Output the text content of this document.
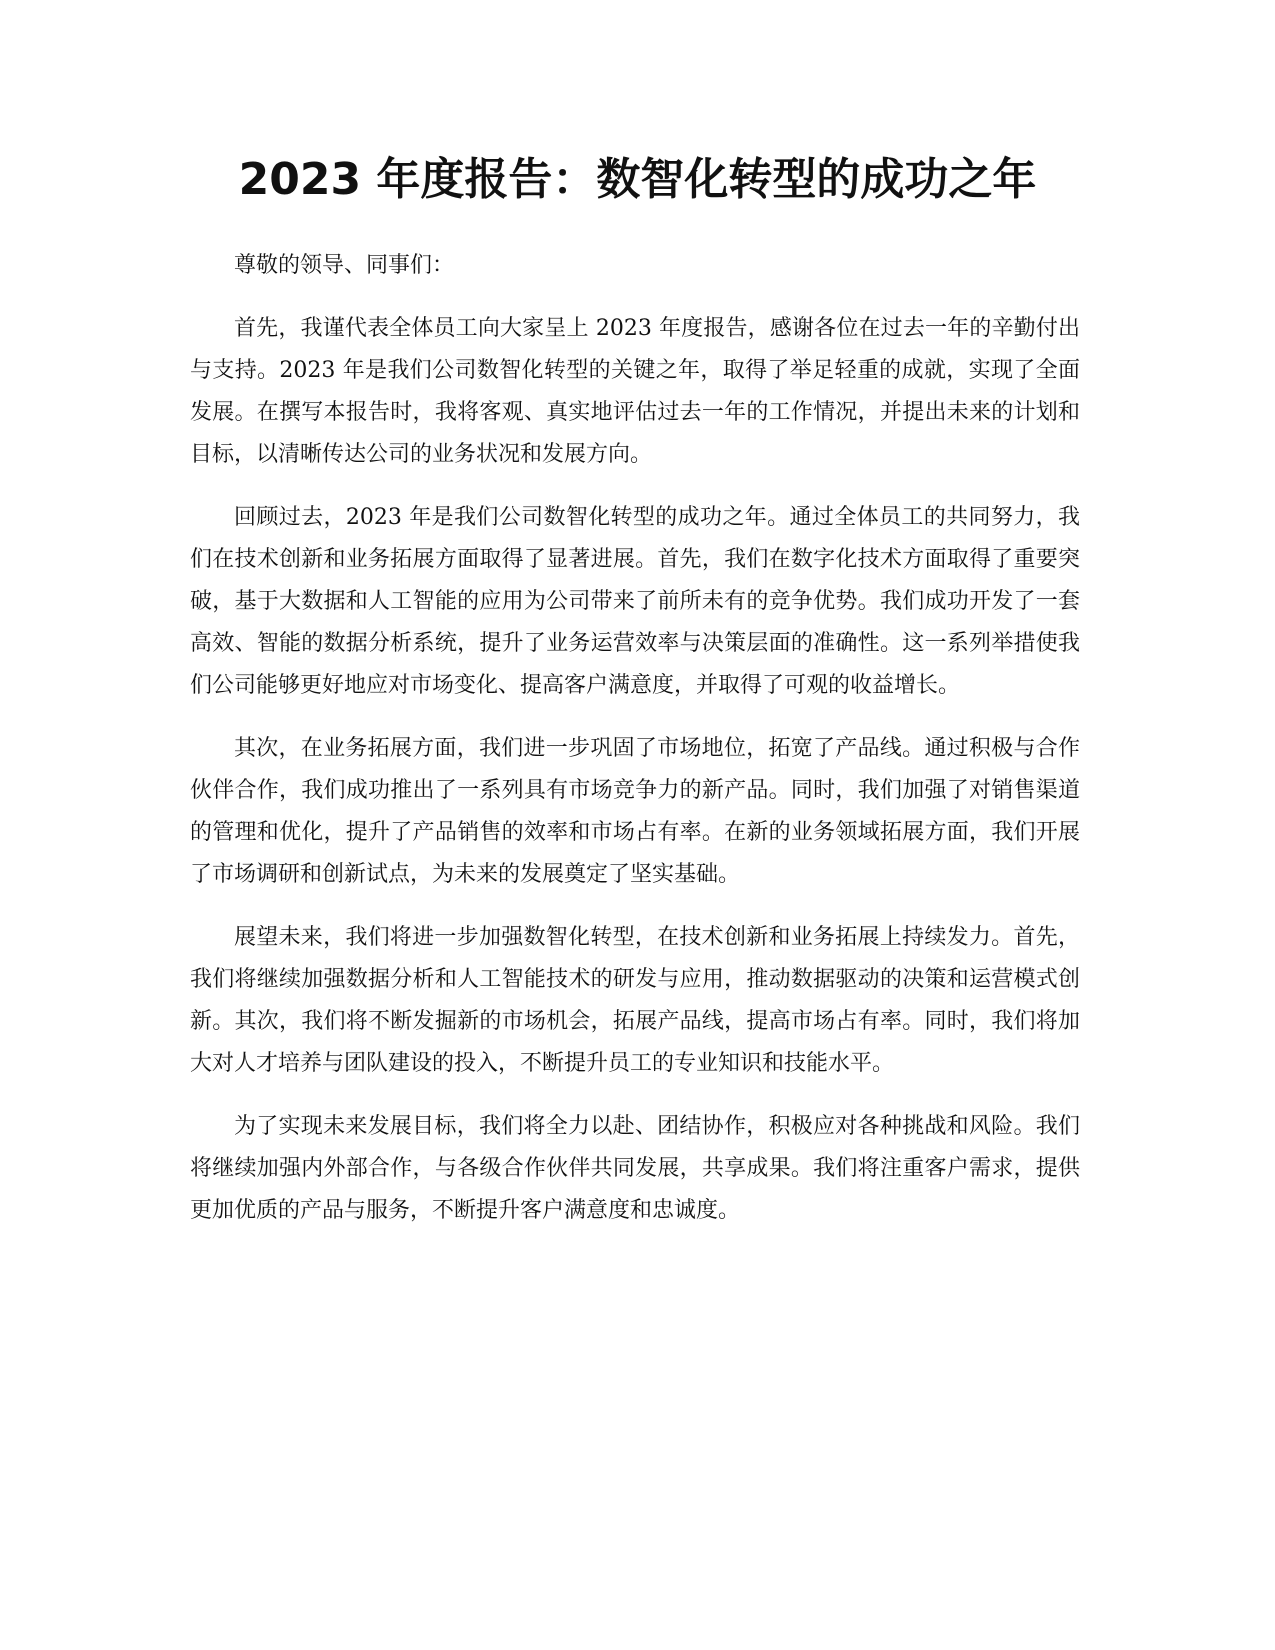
2023 年度报告：数智化转型的成功之年

尊敬的领导、同事们：

首先，我谨代表全体员工向大家呈上 2023 年度报告，感谢各位在过去一年的辛勤付出与支持。2023 年是我们公司数智化转型的关键之年，取得了举足轻重的成就，实现了全面发展。在撰写本报告时，我将客观、真实地评估过去一年的工作情况，并提出未来的计划和目标，以清晰传达公司的业务状况和发展方向。

回顾过去，2023 年是我们公司数智化转型的成功之年。通过全体员工的共同努力，我们在技术创新和业务拓展方面取得了显著进展。首先，我们在数字化技术方面取得了重要突破，基于大数据和人工智能的应用为公司带来了前所未有的竞争优势。我们成功开发了一套高效、智能的数据分析系统，提升了业务运营效率与决策层面的准确性。这一系列举措使我们公司能够更好地应对市场变化、提高客户满意度，并取得了可观的收益增长。

其次，在业务拓展方面，我们进一步巩固了市场地位，拓宽了产品线。通过积极与合作伙伴合作，我们成功推出了一系列具有市场竞争力的新产品。同时，我们加强了对销售渠道的管理和优化，提升了产品销售的效率和市场占有率。在新的业务领域拓展方面，我们开展了市场调研和创新试点，为未来的发展奠定了坚实基础。

展望未来，我们将进一步加强数智化转型，在技术创新和业务拓展上持续发力。首先，我们将继续加强数据分析和人工智能技术的研发与应用，推动数据驱动的决策和运营模式创新。其次，我们将不断发掘新的市场机会，拓展产品线，提高市场占有率。同时，我们将加大对人才培养与团队建设的投入，不断提升员工的专业知识和技能水平。

为了实现未来发展目标，我们将全力以赴、团结协作，积极应对各种挑战和风险。我们将继续加强内外部合作，与各级合作伙伴共同发展，共享成果。我们将注重客户需求，提供更加优质的产品与服务，不断提升客户满意度和忠诚度。
